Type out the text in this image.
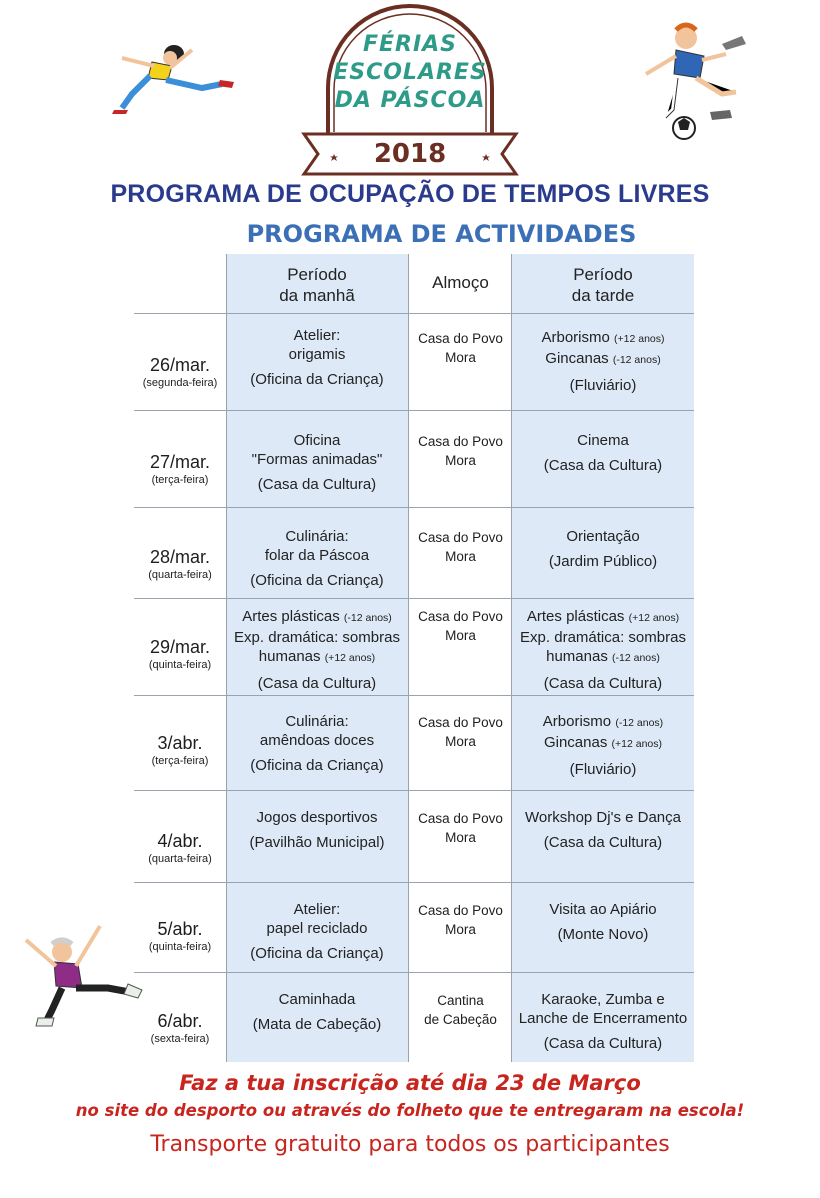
FÉRIAS
ESCOLARES
DA PÁSCOA
2018
PROGRAMA DE OCUPAÇÃO DE TEMPOS LIVRES
PROGRAMA DE ACTIVIDADES
Período
da manhã
Almoço	Período
da tarde
26/mar.
(segunda-feira)
Atelier:
origamis
(Oficina da Criança)
Casa do Povo
Mora
Arborismo (+12 anos)
Gincanas (-12 anos)
(Fluviário)
27/mar.
(terça-feira)
Oficina
"Formas animadas"
(Casa da Cultura)
Casa do Povo
Mora
Cinema
(Casa da Cultura)
28/mar.
(quarta-feira)
Culinária:
folar da Páscoa
(Oficina da Criança)
Casa do Povo
Mora
Orientação
(Jardim Público)
29/mar.
(quinta-feira)
Artes plásticas (-12 anos)
Exp. dramática: sombras
humanas (+12 anos)
(Casa da Cultura)
Casa do Povo
Mora
Artes plásticas (+12 anos)
Exp. dramática: sombras
humanas (-12 anos)
(Casa da Cultura)
3/abr.
(terça-feira)
Culinária:
amêndoas doces
(Oficina da Criança)
Casa do Povo
Mora
Arborismo (-12 anos)
Gincanas (+12 anos)
(Fluviário)
4/abr.
(quarta-feira)
Jogos desportivos
(Pavilhão Municipal)
Casa do Povo
Mora
Workshop Dj's e Dança
(Casa da Cultura)
5/abr.
(quinta-feira)
Atelier:
papel reciclado
(Oficina da Criança)
Casa do Povo
Mora
Visita ao Apiário
(Monte Novo)
6/abr.
(sexta-feira)
Caminhada
(Mata de Cabeção)
Cantina
de Cabeção
Karaoke, Zumba e
Lanche de Encerramento
(Casa da Cultura)
Faz a tua inscrição até dia 23 de Março
no site do desporto ou através do folheto que te entregaram na escola!
Transporte gratuito para todos os participantes
